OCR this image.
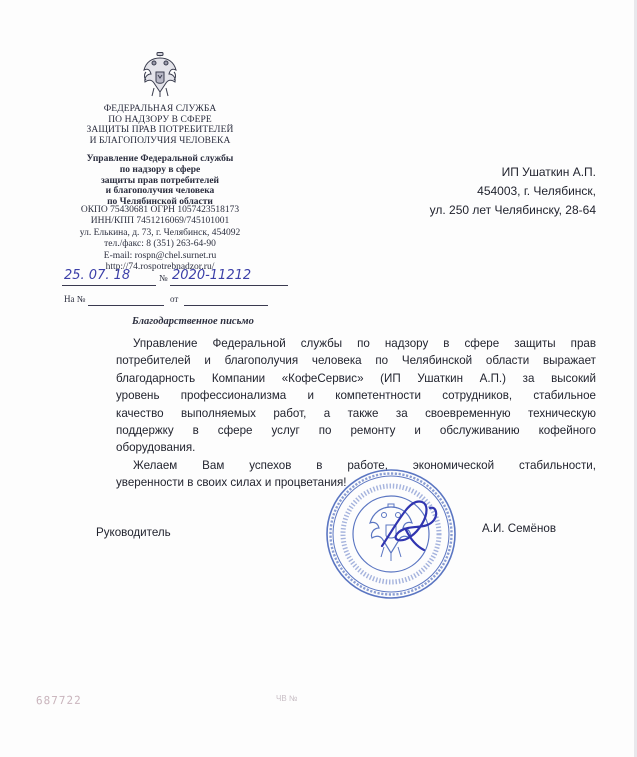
ФЕДЕРАЛЬНАЯ СЛУЖБА
ПО НАДЗОРУ В СФЕРЕ
ЗАЩИТЫ ПРАВ ПОТРЕБИТЕЛЕЙ
И БЛАГОПОЛУЧИЯ ЧЕЛОВЕКА
Управление Федеральной службы
по надзору в сфере
защиты прав потребителей
и благополучия человека
по Челябинской области
ОКПО 75430681 ОГРН 1057423518173
ИНН/КПП 7451216069/745101001
ул. Елькина, д. 73, г. Челябинск, 454092
тел./факс: 8 (351) 263-64-90
E-mail: rospn@chel.surnet.ru
http://74.rospotrebnadzor.ru/
25. 07. 18	№ 2020-11212
На №	от
ИП Ушаткин А.П.
454003, г. Челябинск,
ул. 250 лет Челябинску, 28-64
Благодарственное письмо
Управление Федеральной службы по надзору в сфере защиты прав
потребителей и благополучия человека по Челябинской области выражает
благодарность Компании «КофеСервис» (ИП Ушаткин А.П.) за высокий
уровень профессионализма и компетентности сотрудников, стабильное
качество выполняемых работ, а также за своевременную техническую
поддержку в сфере услуг по ремонту и обслуживанию кофейного
оборудования.
Желаем Вам успехов в работе, экономической стабильности,
уверенности в своих силах и процветания!
Руководитель	А.И. Семёнов
687722	ЧВ №
